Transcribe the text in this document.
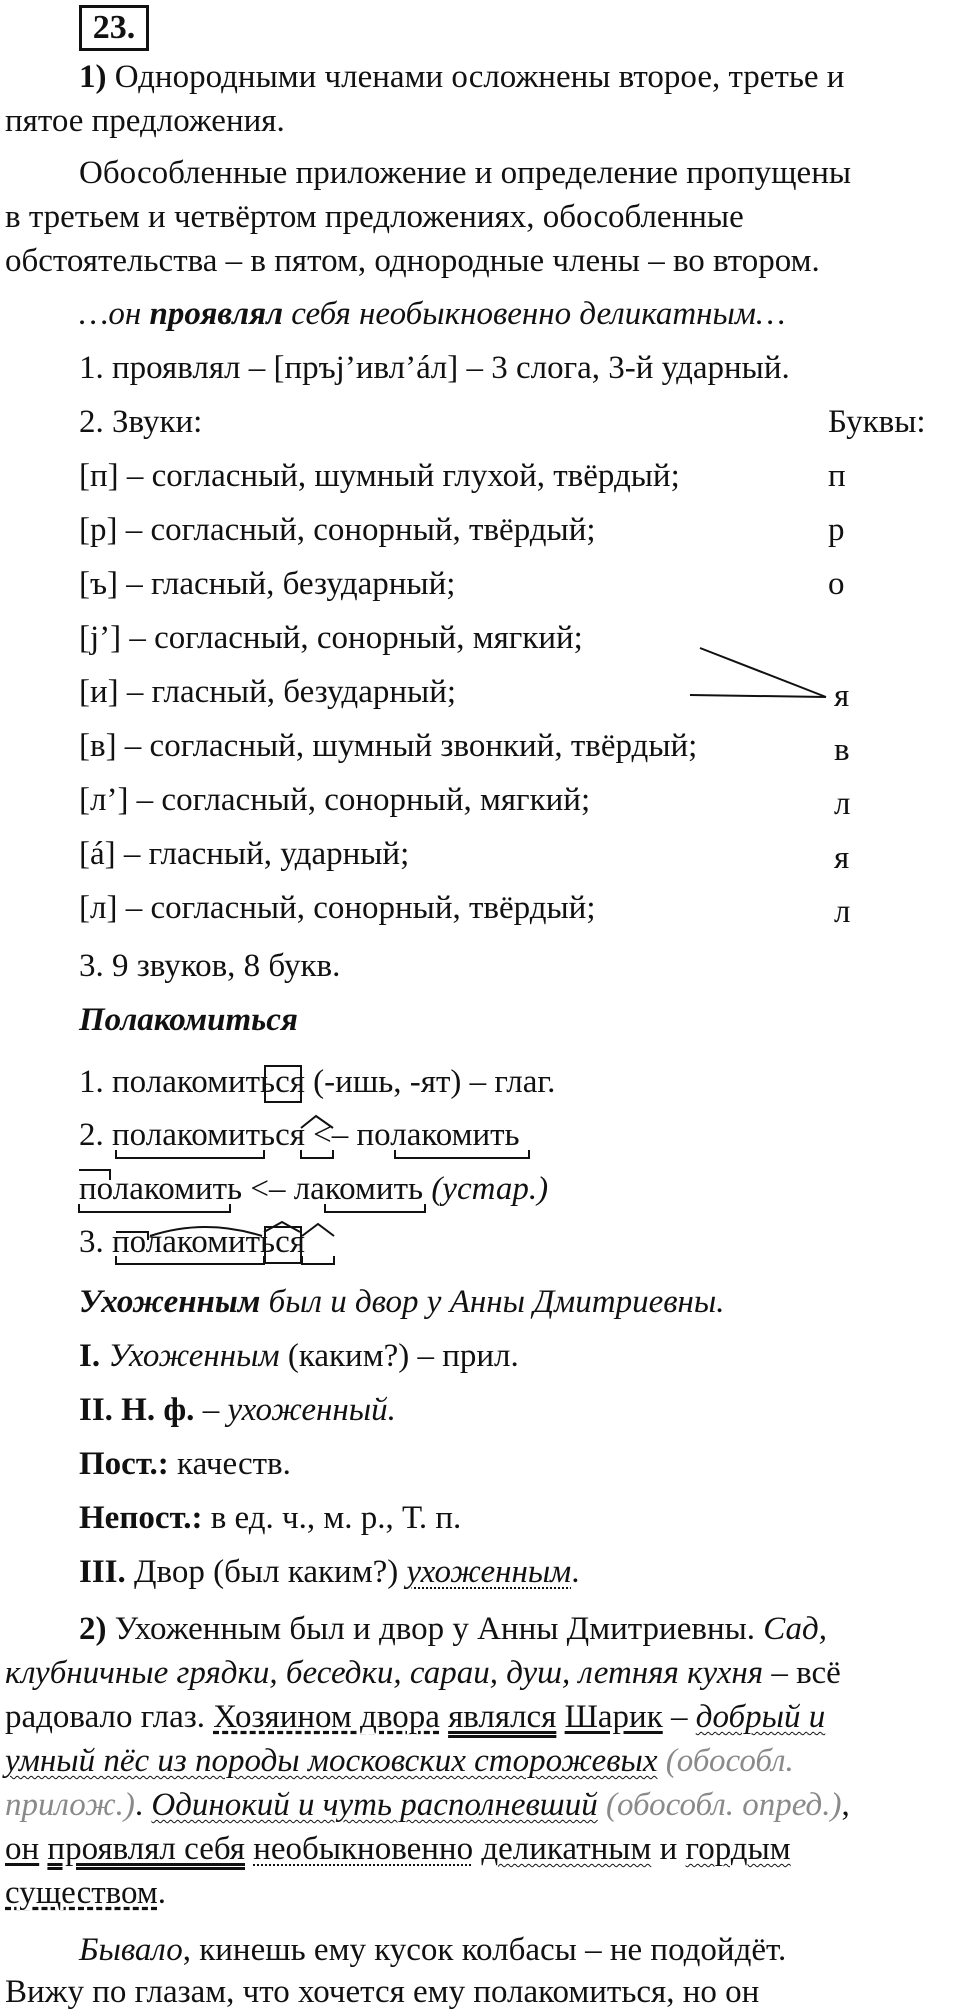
23.
1) Однородными членами осложнены второе, третье и
пятое предложения.
Обособленные приложение и определение пропущены
в третьем и четвёртом предложениях, обособленные
обстоятельства – в пятом, однородные члены – во втором.
…он проявлял себя необыкновенно деликатным…
1. проявлял – [пръj’ивл’áл] – 3 слога, 3-й ударный.
2. Звуки:	Буквы:
[п] – согласный, шумный глухой, твёрдый;	п
[р] – согласный, сонорный, твёрдый;	р
[ъ] – гласный, безударный;	о
[j’] – согласный, сонорный, мягкий;
[и] – гласный, безударный;	я
[в] – согласный, шумный звонкий, твёрдый;	в
[л’] – согласный, сонорный, мягкий;	л
[á] – гласный, ударный;	я
[л] – согласный, сонорный, твёрдый;	л
3. 9 звуков, 8 букв.
Полакомиться
1. полакомиться (-ишь, -ят) – глаг.
2. полакомиться <– полакомить
полакомить <– лакомить (устар.)
3. полакомиться
Ухоженным был и двор у Анны Дмитриевны.
I. Ухоженным (каким?) – прил.
II. Н. ф. – ухоженный.
Пост.: качеств.
Непост.: в ед. ч., м. р., Т. п.
III. Двор (был каким?) ухоженным.
2) Ухоженным был и двор у Анны Дмитриевны. Сад,
клубничные грядки, беседки, сараи, душ, летняя кухня – всё
радовало глаз. Хозяином двора являлся Шарик – добрый и
умный пёс из породы московских сторожевых (обособл.
прилож.). Одинокий и чуть располневший (обособл. опред.),
он проявлял себя необыкновенно деликатным и гордым
существом.
Бывало, кинешь ему кусок колбасы – не подойдёт.
Вижу по глазам, что хочется ему полакомиться, но он
